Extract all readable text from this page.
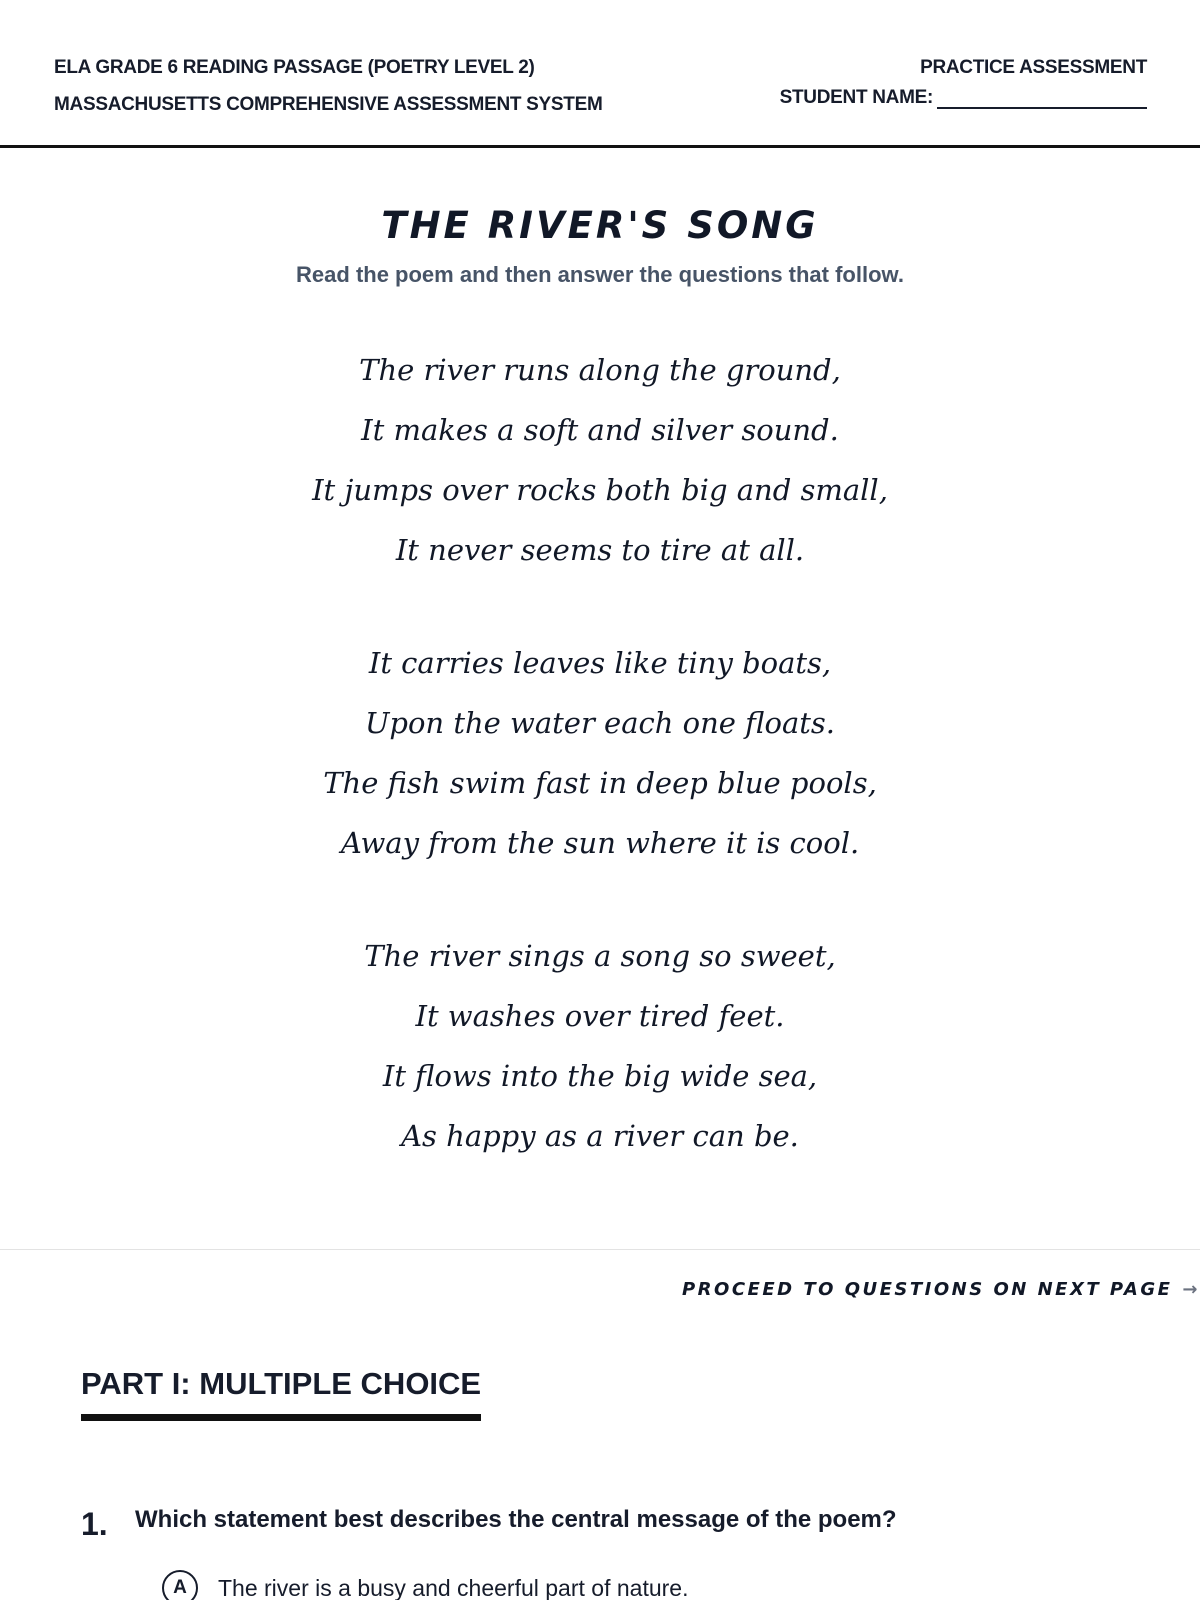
ELA GRADE 6 READING PASSAGE (POETRY LEVEL 2)
MASSACHUSETTS COMPREHENSIVE ASSESSMENT SYSTEM
PRACTICE ASSESSMENT
STUDENT NAME:
THE RIVER'S SONG
Read the poem and then answer the questions that follow.
The river runs along the ground,
It makes a soft and silver sound.
It jumps over rocks both big and small,
It never seems to tire at all.
It carries leaves like tiny boats,
Upon the water each one floats.
The fish swim fast in deep blue pools,
Away from the sun where it is cool.
The river sings a song so sweet,
It washes over tired feet.
It flows into the big wide sea,
As happy as a river can be.
PROCEED TO QUESTIONS ON NEXT PAGE →
PART I: MULTIPLE CHOICE
1. Which statement best describes the central message of the poem?
A	The river is a busy and cheerful part of nature.
